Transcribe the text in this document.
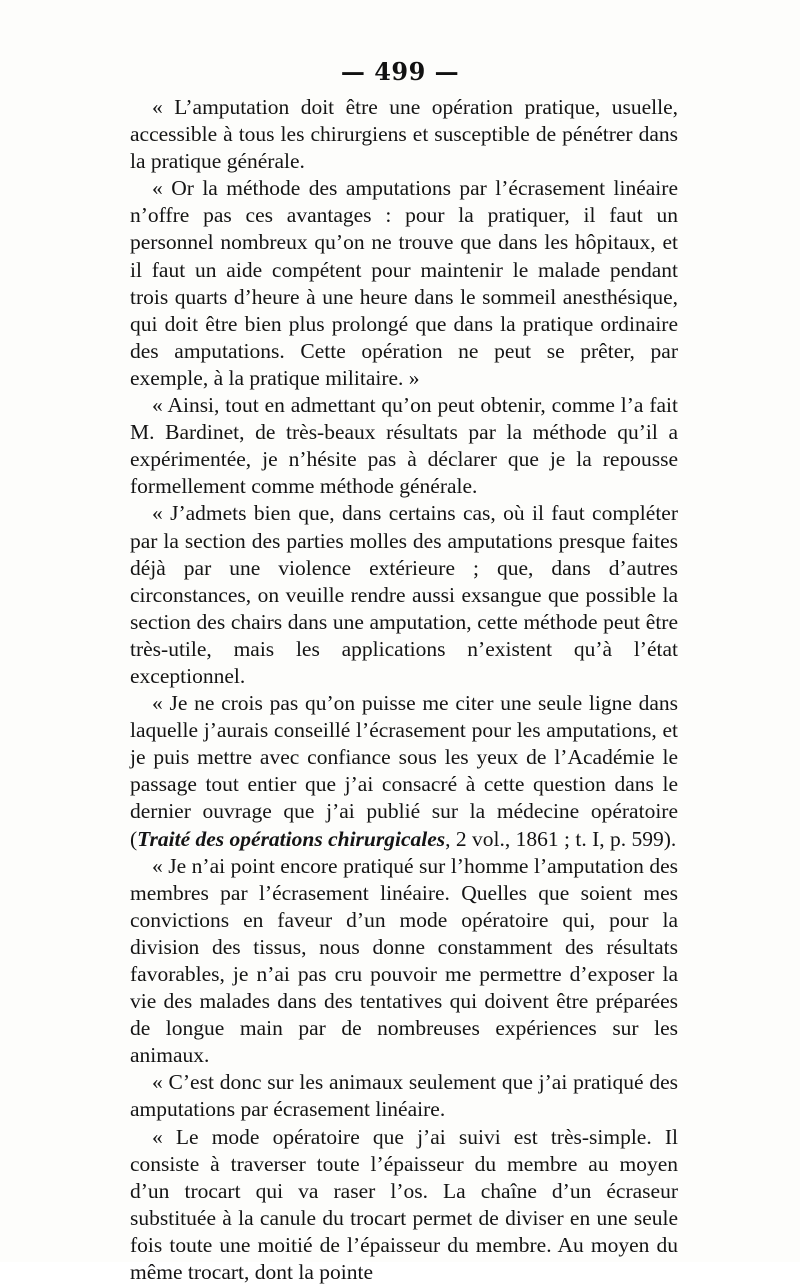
— 499 —

« L’amputation doit être une opération pratique, usuelle, accessible à tous les chirurgiens et susceptible de pénétrer dans la pratique générale.

« Or la méthode des amputations par l’écrasement linéaire n’offre pas ces avantages : pour la pratiquer, il faut un personnel nombreux qu’on ne trouve que dans les hôpitaux, et il faut un aide compétent pour maintenir le malade pendant trois quarts d’heure à une heure dans le sommeil anesthésique, qui doit être bien plus prolongé que dans la pratique ordinaire des amputations. Cette opération ne peut se prêter, par exemple, à la pratique militaire. »

« Ainsi, tout en admettant qu’on peut obtenir, comme l’a fait M. Bardinet, de très-beaux résultats par la méthode qu’il a expérimentée, je n’hésite pas à déclarer que je la repousse formellement comme méthode générale.

« J’admets bien que, dans certains cas, où il faut compléter par la section des parties molles des amputations presque faites déjà par une violence extérieure ; que, dans d’autres circonstances, on veuille rendre aussi exsangue que possible la section des chairs dans une amputation, cette méthode peut être très-utile, mais les applications n’existent qu’à l’état exceptionnel.

« Je ne crois pas qu’on puisse me citer une seule ligne dans laquelle j’aurais conseillé l’écrasement pour les amputations, et je puis mettre avec confiance sous les yeux de l’Académie le passage tout entier que j’ai consacré à cette question dans le dernier ouvrage que j’ai publié sur la médecine opératoire (Traité des opérations chirurgicales, 2 vol., 1861 ; t. I, p. 599).

« Je n’ai point encore pratiqué sur l’homme l’amputation des membres par l’écrasement linéaire. Quelles que soient mes convictions en faveur d’un mode opératoire qui, pour la division des tissus, nous donne constamment des résultats favorables, je n’ai pas cru pouvoir me permettre d’exposer la vie des malades dans des tentatives qui doivent être préparées de longue main par de nombreuses expériences sur les animaux.

« C’est donc sur les animaux seulement que j’ai pratiqué des amputations par écrasement linéaire.

« Le mode opératoire que j’ai suivi est très-simple. Il consiste à traverser toute l’épaisseur du membre au moyen d’un trocart qui va raser l’os. La chaîne d’un écraseur substituée à la canule du trocart permet de diviser en une seule fois toute une moitié de l’épaisseur du membre. Au moyen du même trocart, dont la pointe
